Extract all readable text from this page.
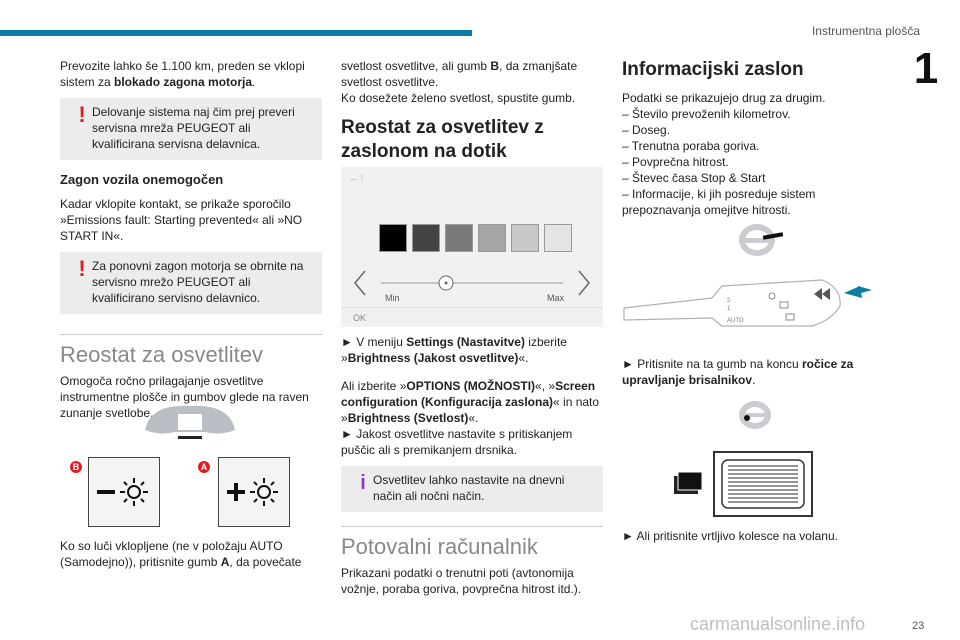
Instrumentna plošča
1

Prevozite lahko še 1.100 km, preden se vklopi sistem za blokado zagona motorja.

! Delovanje sistema naj čim prej preveri servisna mreža PEUGEOT ali kvalificirana servisna delavnica.
Zagon vozila onemogočen

Kadar vklopite kontakt, se prikaže sporočilo »Emissions fault: Starting prevented« ali »NO START IN«.

! Za ponovni zagon motorja se obrnite na servisno mrežo PEUGEOT ali kvalificirano servisno delavnico.
Reostat za osvetlitev

Omogoča ročno prilagajanje osvetlitve instrumentne plošče in gumbov glede na raven zunanje svetlobe.

B	A
Ko so luči vklopljene (ne v položaju AUTO (Samodejno)), pritisnite gumb A, da povečate

svetlost osvetlitve, ali gumb B, da zmanjšate svetlost osvetlitve.
Ko dosežete želeno svetlost, spustite gumb.

Reostat za osvetlitev z zaslonom na dotik
← ⁝
Min	Max
OK

► V meniju Settings (Nastavitve) izberite »Brightness (Jakost osvetlitve)«.

Ali izberite »OPTIONS (MOŽNOSTI)«, »Screen configuration (Konfiguracija zaslona)« in nato »Brightness (Svetlost)«.
► Jakost osvetlitve nastavite s pritiskanjem puščic ali s premikanjem drsnika.

i Osvetlitev lahko nastavite na dnevni način ali nočni način.
Potovalni računalnik

Prikazani podatki o trenutni poti (avtonomija vožnje, poraba goriva, povprečna hitrost itd.).

Informacijski zaslon

Podatki se prikazujejo drug za drugim.

– Število prevoženih kilometrov.
– Doseg.
– Trenutna poraba goriva.
– Povprečna hitrost.
– Števec časa Stop & Start
– Informacije, ki jih posreduje sistem prepoznavanja omejitve hitrosti.
2
1
AUTO
► Pritisnite na ta gumb na koncu ročice za upravljanje brisalnikov.
► Ali pritisnite vrtljivo kolesce na volanu.
carmanualsonline.info	23
